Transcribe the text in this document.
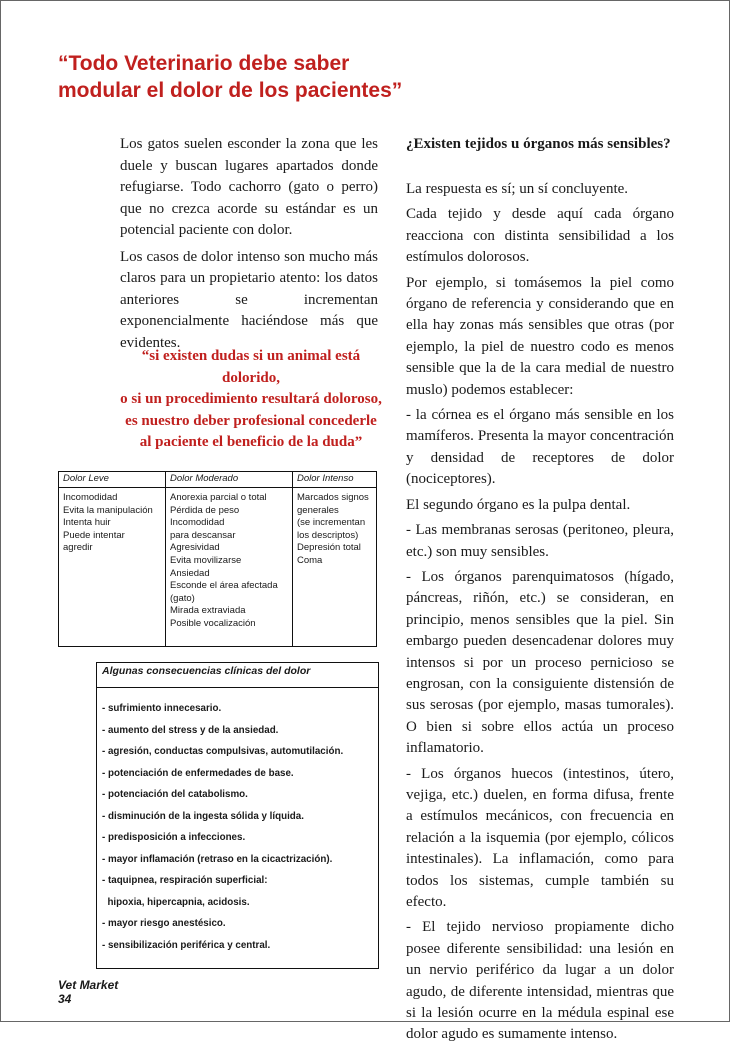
“Todo Veterinario debe saber
modular el dolor de los pacientes”

Los gatos suelen esconder la zona que les duele y buscan lugares apartados donde refugiarse. Todo cachorro (gato o perro) que no crezca acorde su estándar es un potencial paciente con dolor.

Los casos de dolor intenso son mucho más claros para un propietario atento: los datos anteriores se incrementan exponencialmente haciéndose más que evidentes.

“si existen dudas si un animal está dolorido,
o si un procedimiento resultará doloroso,
es nuestro deber profesional concederle
al paciente el beneficio de la duda”
¿Existen tejidos u órganos más sensibles?

La respuesta es sí; un sí concluyente.

Cada tejido y desde aquí cada órgano reacciona con distinta sensibilidad a los estímulos dolorosos.

Por ejemplo, si tomásemos la piel como órgano de referencia y considerando que en ella hay zonas más sensibles que otras (por ejemplo, la piel de nuestro codo es menos sensible que la de la cara medial de nuestro muslo) podemos establecer:

- la córnea es el órgano más sensible en los mamíferos. Presenta la mayor concentración y densidad de receptores de dolor (nociceptores).

El segundo órgano es la pulpa dental.

- Las membranas serosas (peritoneo, pleura, etc.) son muy sensibles.

- Los órganos parenquimatosos (hígado, páncreas, riñón, etc.) se consideran, en principio, menos sensibles que la piel. Sin embargo pueden desencadenar dolores muy intensos si por un proceso pernicioso se engrosan, con la consiguiente distensión de sus serosas (por ejemplo, masas tumorales). O bien si sobre ellos actúa un proceso inflamatorio.

- Los órganos huecos (intestinos, útero, vejiga, etc.) duelen, en forma difusa, frente a estímulos mecánicos, con frecuencia en relación a la isquemia (por ejemplo, cólicos intestinales). La inflamación, como para todos los sistemas, cumple también su efecto.

- El tejido nervioso propiamente dicho posee diferente sensibilidad: una lesión en un nervio periférico da lugar a un dolor agudo, de diferente intensidad, mientras que si la lesión ocurre en la médula espinal ese dolor agudo es sumamente intenso.

Dolor Leve	Dolor Moderado	Dolor Intenso
Incomodidad
Evita la manipulación
Intenta huir
Puede intentar
agredir
Anorexia parcial o total
Pérdida de peso
Incomodidad
para descansar
Agresividad
Evita movilizarse
Ansiedad
Esconde el área afectada
(gato)
Mirada extraviada
Posible vocalización
Marcados signos
generales
(se incrementan
los descriptos)
Depresión total
Coma
Algunas consecuencias clínicas del dolor
- sufrimiento innecesario.
- aumento del stress y de la ansiedad.
- agresión, conductas compulsivas, automutilación.
- potenciación de enfermedades de base.
- potenciación del catabolismo.
- disminución de la ingesta sólida y líquida.
- predisposición a infecciones.
- mayor inflamación (retraso en la cicactrización).
- taquipnea, respiración superficial:
hipoxia, hipercapnia, acidosis.
- mayor riesgo anestésico.
- sensibilización periférica y central.
Vet Market
34
